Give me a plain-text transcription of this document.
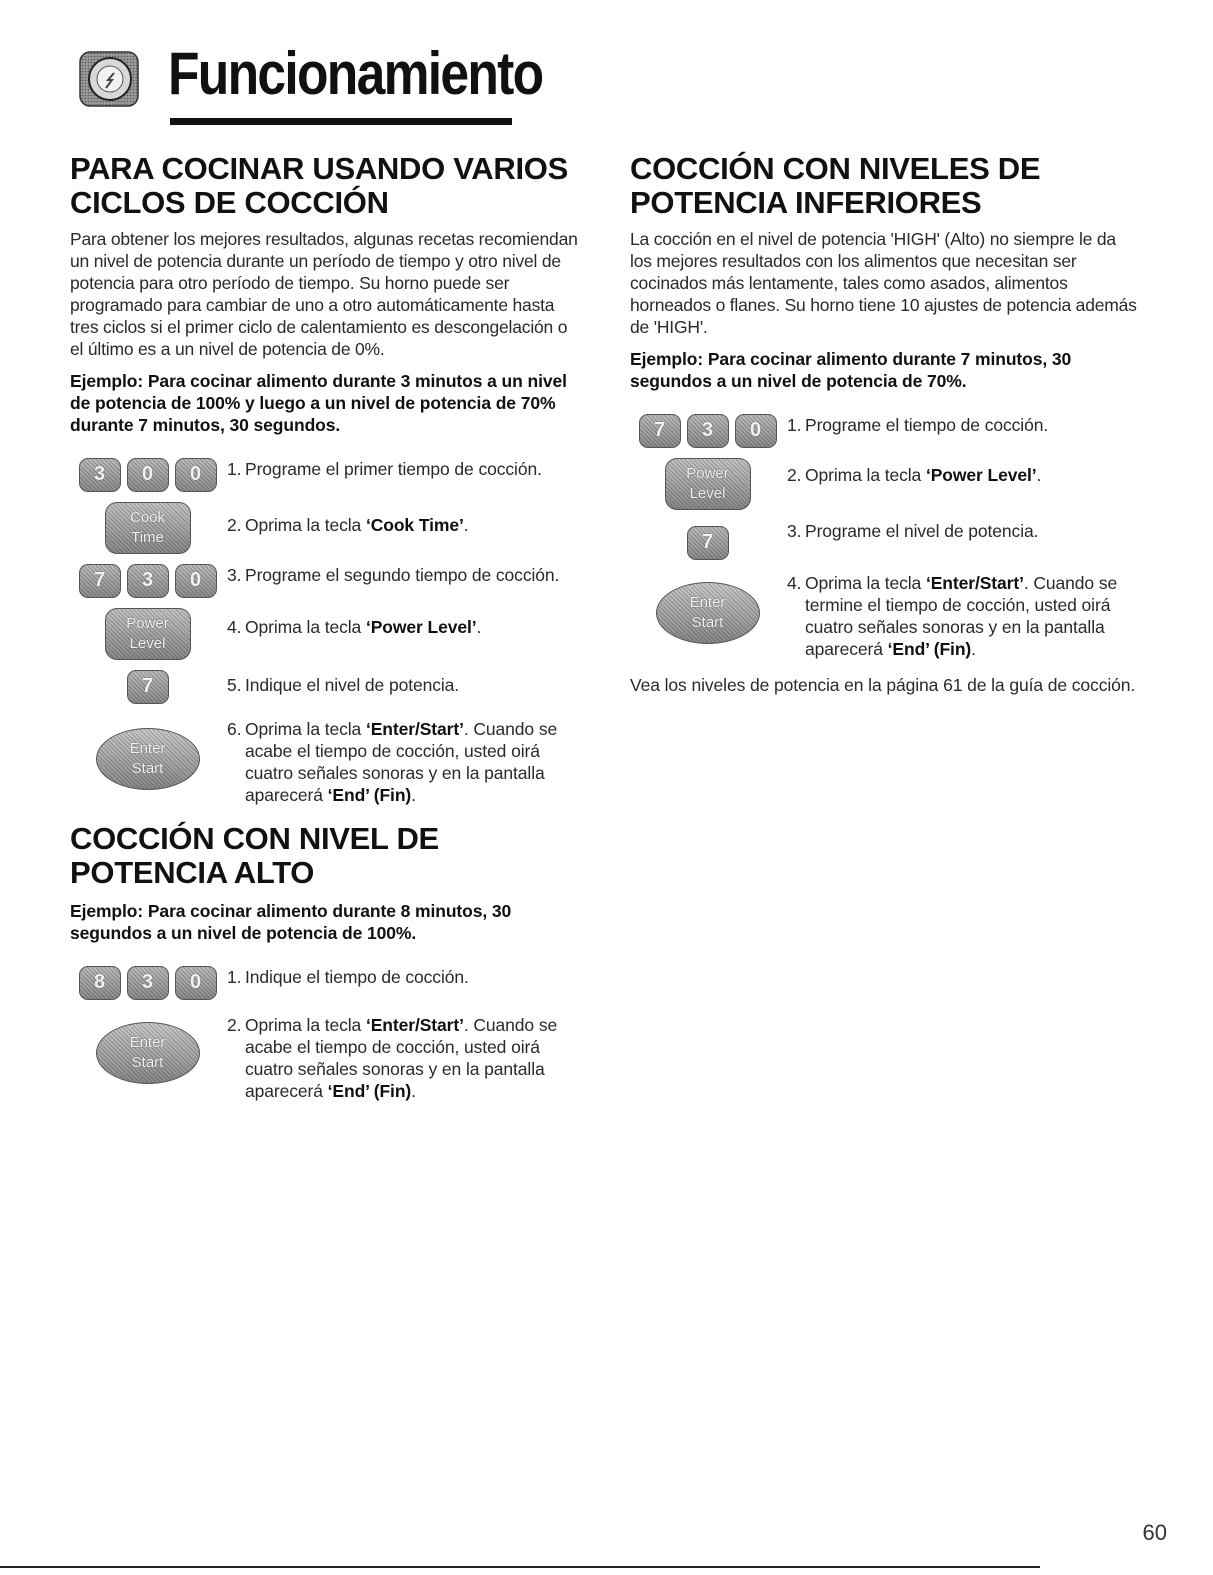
Funcionamiento
PARA COCINAR USANDO VARIOS CICLOS DE COCCIÓN

Para obtener los mejores resultados, algunas recetas recomiendan un nivel de potencia durante un período de tiempo y otro nivel de potencia para otro período de tiempo. Su horno puede ser programado para cambiar de uno a otro automáticamente hasta tres ciclos si el primer ciclo de calentamiento es descongelación o el último es a un nivel de potencia de 0%.

Ejemplo: Para cocinar alimento durante 3 minutos a un nivel de potencia de 100% y luego a un nivel de potencia de 70% durante 7 minutos, 30 segundos.

3	0	0	1. Programe el primer tiempo de cocción.
Cook
Time
2. Oprima la tecla ‘Cook Time’.
7	3	0	3. Programe el segundo tiempo de cocción.
Power
Level
4. Oprima la tecla ‘Power Level’.
7	5. Indique el nivel de potencia.
Enter
Start
6. Oprima la tecla ‘Enter/Start’. Cuando se
acabe el tiempo de cocción, usted oirá
cuatro señales sonoras y en la pantalla
aparecerá ‘End’ (Fin).
COCCIÓN CON NIVEL DE POTENCIA ALTO

Ejemplo: Para cocinar alimento durante 8 minutos, 30 segundos a un nivel de potencia de 100%.

8	3	0	1. Indique el tiempo de cocción.
Enter
Start
2. Oprima la tecla ‘Enter/Start’. Cuando se
acabe el tiempo de cocción, usted oirá
cuatro señales sonoras y en la pantalla
aparecerá ‘End’ (Fin).
COCCIÓN CON NIVELES DE POTENCIA INFERIORES

La cocción en el nivel de potencia 'HIGH' (Alto) no siempre le da los mejores resultados con los alimentos que necesitan ser cocinados más lentamente, tales como asados, alimentos horneados o flanes. Su horno tiene 10 ajustes de potencia además de 'HIGH'.

Ejemplo: Para cocinar alimento durante 7 minutos, 30 segundos a un nivel de potencia de 70%.

7	3	0	1. Programe el tiempo de cocción.
Power
Level
2. Oprima la tecla ‘Power Level’.
7	3. Programe el nivel de potencia.
Enter
Start
4. Oprima la tecla ‘Enter/Start’. Cuando se
termine el tiempo de cocción, usted oirá
cuatro señales sonoras y en la pantalla
aparecerá ‘End’ (Fin).

Vea los niveles de potencia en la página 61 de la guía de cocción.

60
